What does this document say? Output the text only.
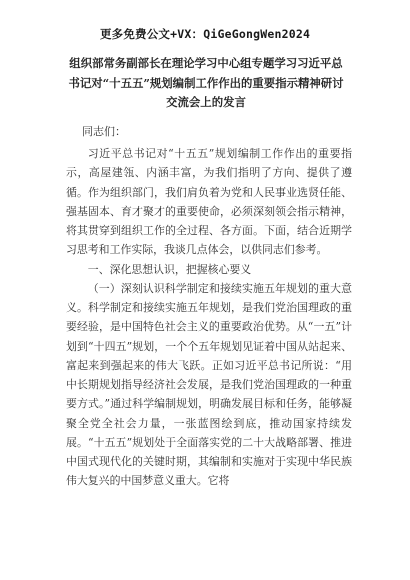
更多免费公文+VX：QiGeGongWen2024
组织部常务副部长在理论学习中心组专题学习习近平总书记对“十五五”规划编制工作作出的重要指示精神研讨交流会上的发言
同志们：

习近平总书记对“十五五”规划编制工作作出的重要指示，高屋建瓴、内涵丰富，为我们指明了方向、提供了遵循。作为组织部门，我们肩负着为党和人民事业选贤任能、强基固本、育才聚才的重要使命，必须深刻领会指示精神，将其贯穿到组织工作的全过程、各方面。下面，结合近期学习思考和工作实际，我谈几点体会，以供同志们参考。

一、深化思想认识，把握核心要义

（一）深刻认识科学制定和接续实施五年规划的重大意义。科学制定和接续实施五年规划，是我们党治国理政的重要经验，是中国特色社会主义的重要政治优势。从“一五”计划到“十四五”规划，一个个五年规划见证着中国从站起来、富起来到强起来的伟大飞跃。正如习近平总书记所说：“用中长期规划指导经济社会发展，是我们党治国理政的一种重要方式。”通过科学编制规划，明确发展目标和任务，能够凝聚全党全社会力量，一张蓝图绘到底，推动国家持续发展。“十五五”规划处于全面落实党的二十大战略部署、推进中国式现代化的关键时期，其编制和实施对于实现中华民族伟大复兴的中国梦意义重大。它将
